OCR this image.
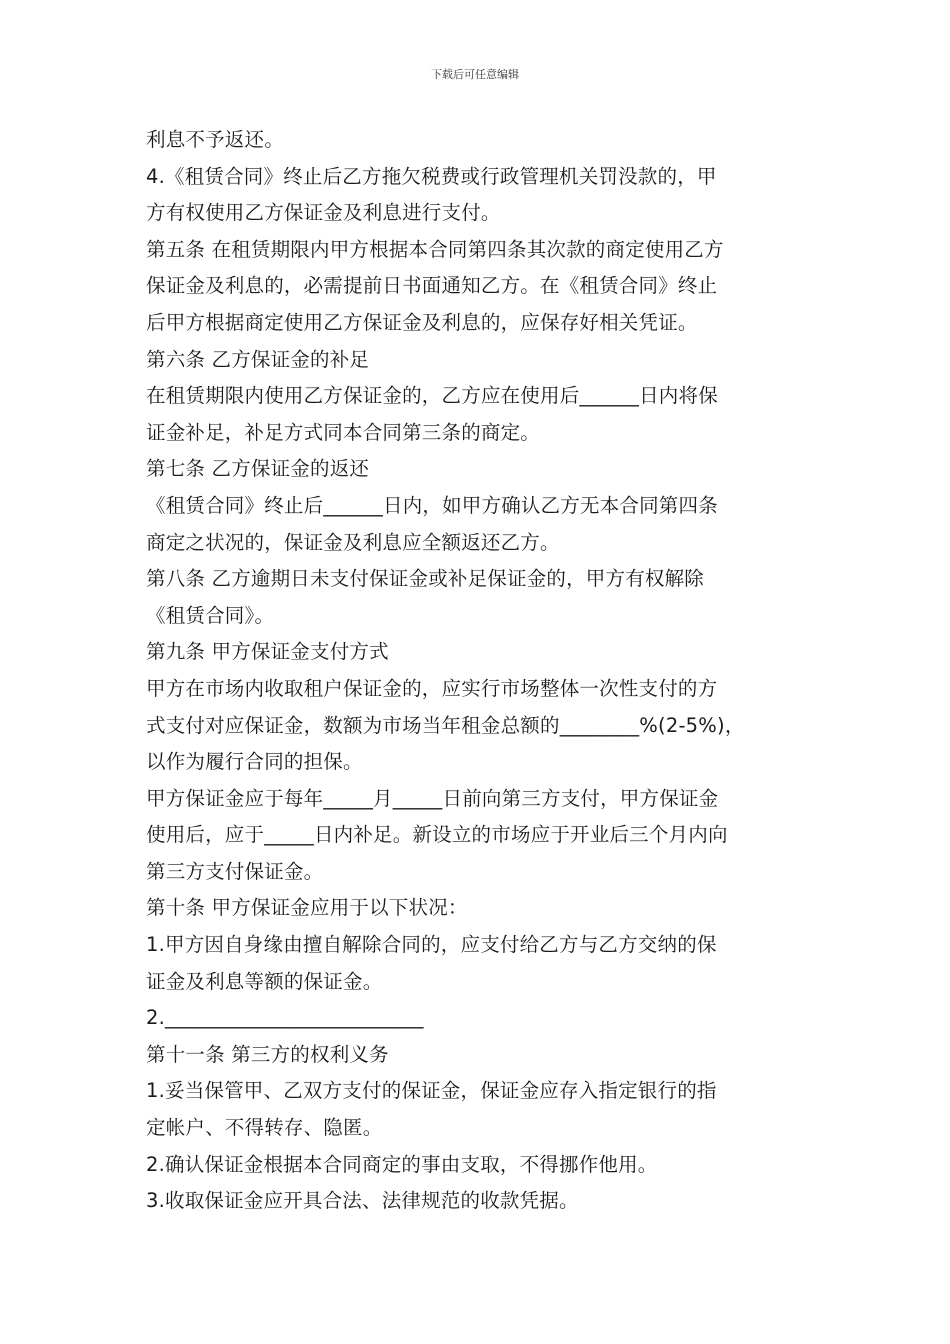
下载后可任意编辑
利息不予返还。
4.《租赁合同》终止后乙方拖欠税费或行政管理机关罚没款的，甲
方有权使用乙方保证金及利息进行支付。
第五条 在租赁期限内甲方根据本合同第四条其次款的商定使用乙方
保证金及利息的，必需提前日书面通知乙方。在《租赁合同》终止
后甲方根据商定使用乙方保证金及利息的，应保存好相关凭证。
第六条 乙方保证金的补足
在租赁期限内使用乙方保证金的，乙方应在使用后______日内将保
证金补足，补足方式同本合同第三条的商定。
第七条 乙方保证金的返还
《租赁合同》终止后______日内，如甲方确认乙方无本合同第四条
商定之状况的，保证金及利息应全额返还乙方。
第八条 乙方逾期日未支付保证金或补足保证金的，甲方有权解除
《租赁合同》。
第九条 甲方保证金支付方式
甲方在市场内收取租户保证金的，应实行市场整体一次性支付的方
式支付对应保证金，数额为市场当年租金总额的________%(2-5%)，
以作为履行合同的担保。
甲方保证金应于每年_____月_____日前向第三方支付，甲方保证金
使用后，应于_____日内补足。新设立的市场应于开业后三个月内向
第三方支付保证金。
第十条 甲方保证金应用于以下状况：
1.甲方因自身缘由擅自解除合同的，应支付给乙方与乙方交纳的保
证金及利息等额的保证金。
2.__________________________
第十一条 第三方的权利义务
1.妥当保管甲、乙双方支付的保证金，保证金应存入指定银行的指
定帐户、不得转存、隐匿。
2.确认保证金根据本合同商定的事由支取，不得挪作他用。
3.收取保证金应开具合法、法律规范的收款凭据。
